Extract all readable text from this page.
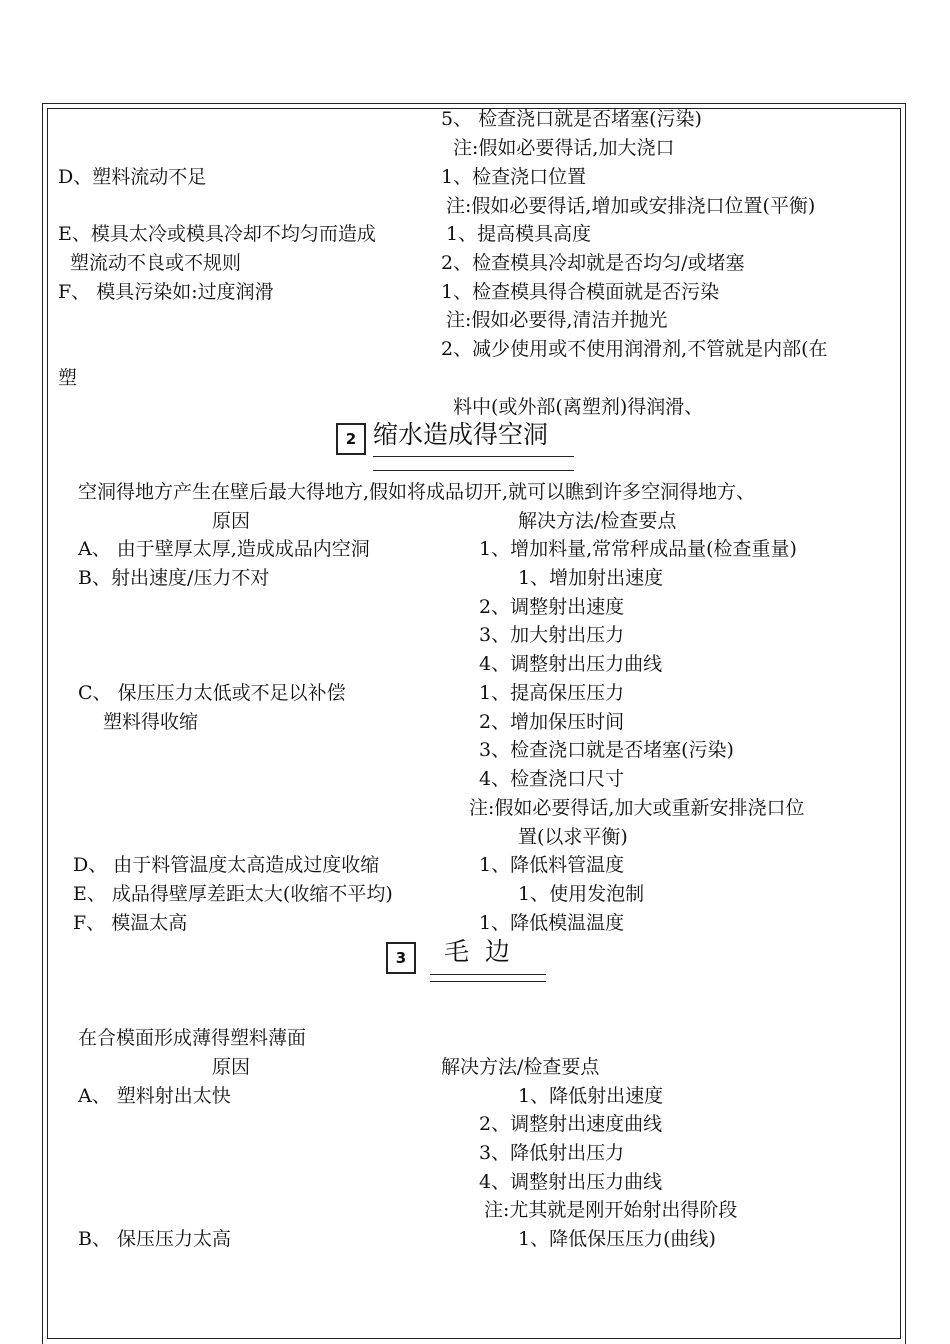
5、 检查浇口就是否堵塞(污染)
注:假如必要得话,加大浇口
D、塑料流动不足	1、检查浇口位置
注:假如必要得话,增加或安排浇口位置(平衡)
E、模具太冷或模具冷却不均匀而造成	1、提高模具高度
塑流动不良或不规则	2、检查模具冷却就是否均匀/或堵塞
F、 模具污染如:过度润滑	1、检查模具得合模面就是否污染
注:假如必要得,清洁并抛光
2、减少使用或不使用润滑剂,不管就是内部(在
塑
料中(或外部(离塑剂)得润滑、
2 缩水造成得空洞
空洞得地方产生在壁后最大得地方,假如将成品切开,就可以瞧到许多空洞得地方、
原因	解决方法/检查要点
A、 由于壁厚太厚,造成成品内空洞	1、增加料量,常常秤成品量(检查重量)
B、射出速度/压力不对	1、增加射出速度
2、调整射出速度
3、加大射出压力
4、调整射出压力曲线
C、 保压压力太低或不足以补偿	1、提高保压压力
塑料得收缩	2、增加保压时间
3、检查浇口就是否堵塞(污染)
4、检查浇口尺寸
注:假如必要得话,加大或重新安排浇口位
置(以求平衡)
D、 由于料管温度太高造成过度收缩	1、降低料管温度
E、 成品得壁厚差距太大(收缩不平均)	1、使用发泡制
F、 模温太高	1、降低模温温度
3 毛  边
在合模面形成薄得塑料薄面
原因	解决方法/检查要点
A、 塑料射出太快	1、降低射出速度
2、调整射出速度曲线
3、降低射出压力
4、调整射出压力曲线
注:尤其就是刚开始射出得阶段
B、 保压压力太高	1、降低保压压力(曲线)
